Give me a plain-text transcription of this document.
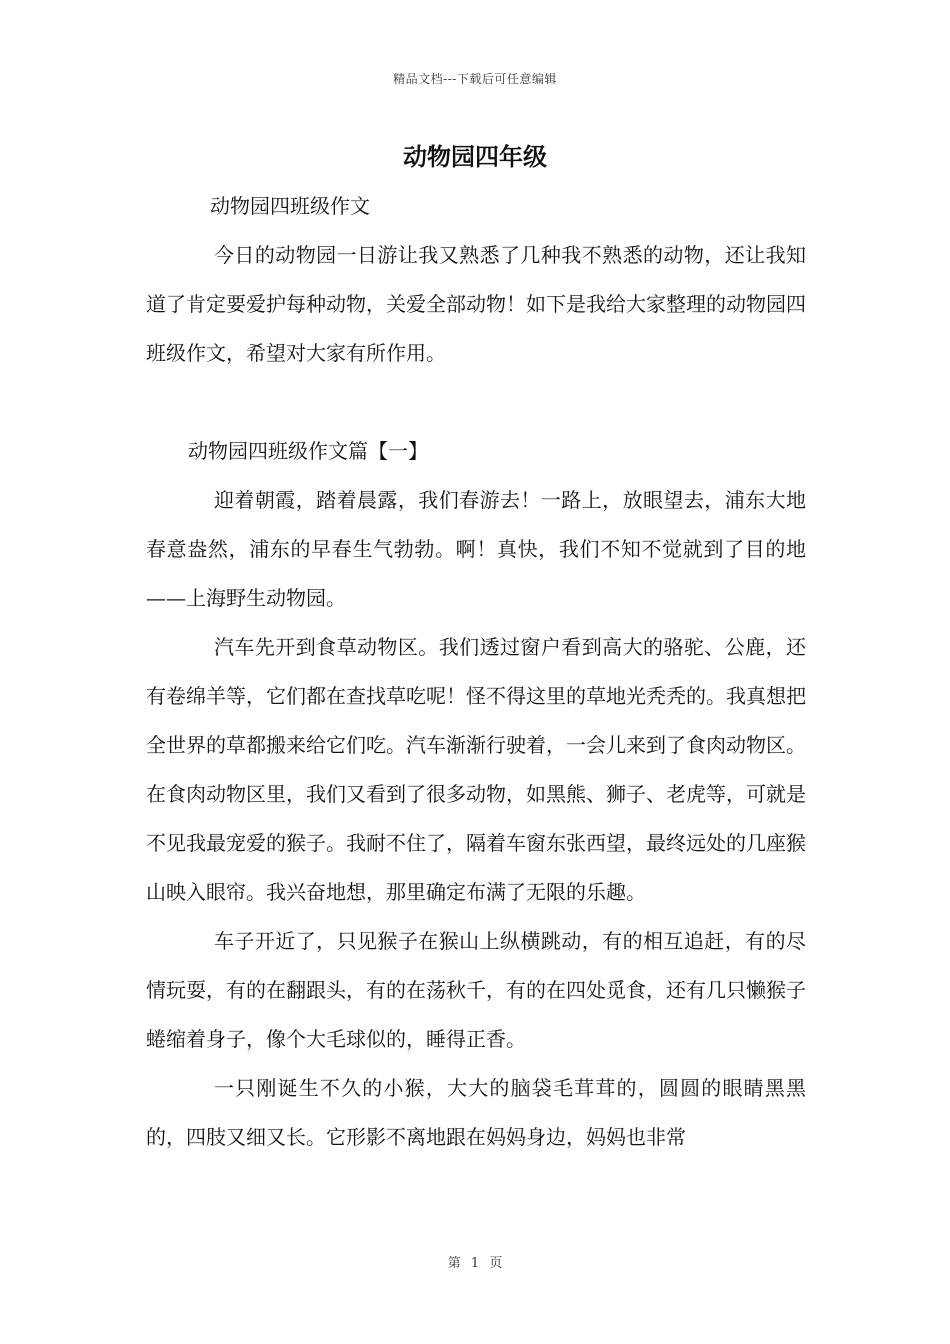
精品文档---下载后可任意编辑
动物园四年级

动物园四班级作文

今日的动物园一日游让我又熟悉了几种我不熟悉的动物，还让我知道了肯定要爱护每种动物，关爱全部动物！如下是我给大家整理的动物园四班级作文，希望对大家有所作用。

动物园四班级作文篇【一】

迎着朝霞，踏着晨露，我们春游去！一路上，放眼望去，浦东大地春意盎然，浦东的早春生气勃勃。啊！真快，我们不知不觉就到了目的地——上海野生动物园。

汽车先开到食草动物区。我们透过窗户看到高大的骆驼、公鹿，还有卷绵羊等，它们都在查找草吃呢！怪不得这里的草地光秃秃的。我真想把全世界的草都搬来给它们吃。汽车渐渐行驶着，一会儿来到了食肉动物区。在食肉动物区里，我们又看到了很多动物，如黑熊、狮子、老虎等，可就是不见我最宠爱的猴子。我耐不住了，隔着车窗东张西望，最终远处的几座猴山映入眼帘。我兴奋地想，那里确定布满了无限的乐趣。

车子开近了，只见猴子在猴山上纵横跳动，有的相互追赶，有的尽情玩耍，有的在翻跟头，有的在荡秋千，有的在四处觅食，还有几只懒猴子蜷缩着身子，像个大毛球似的，睡得正香。

一只刚诞生不久的小猴，大大的脑袋毛茸茸的，圆圆的眼睛黑黑的，四肢又细又长。它形影不离地跟在妈妈身边，妈妈也非常

第 1 页
